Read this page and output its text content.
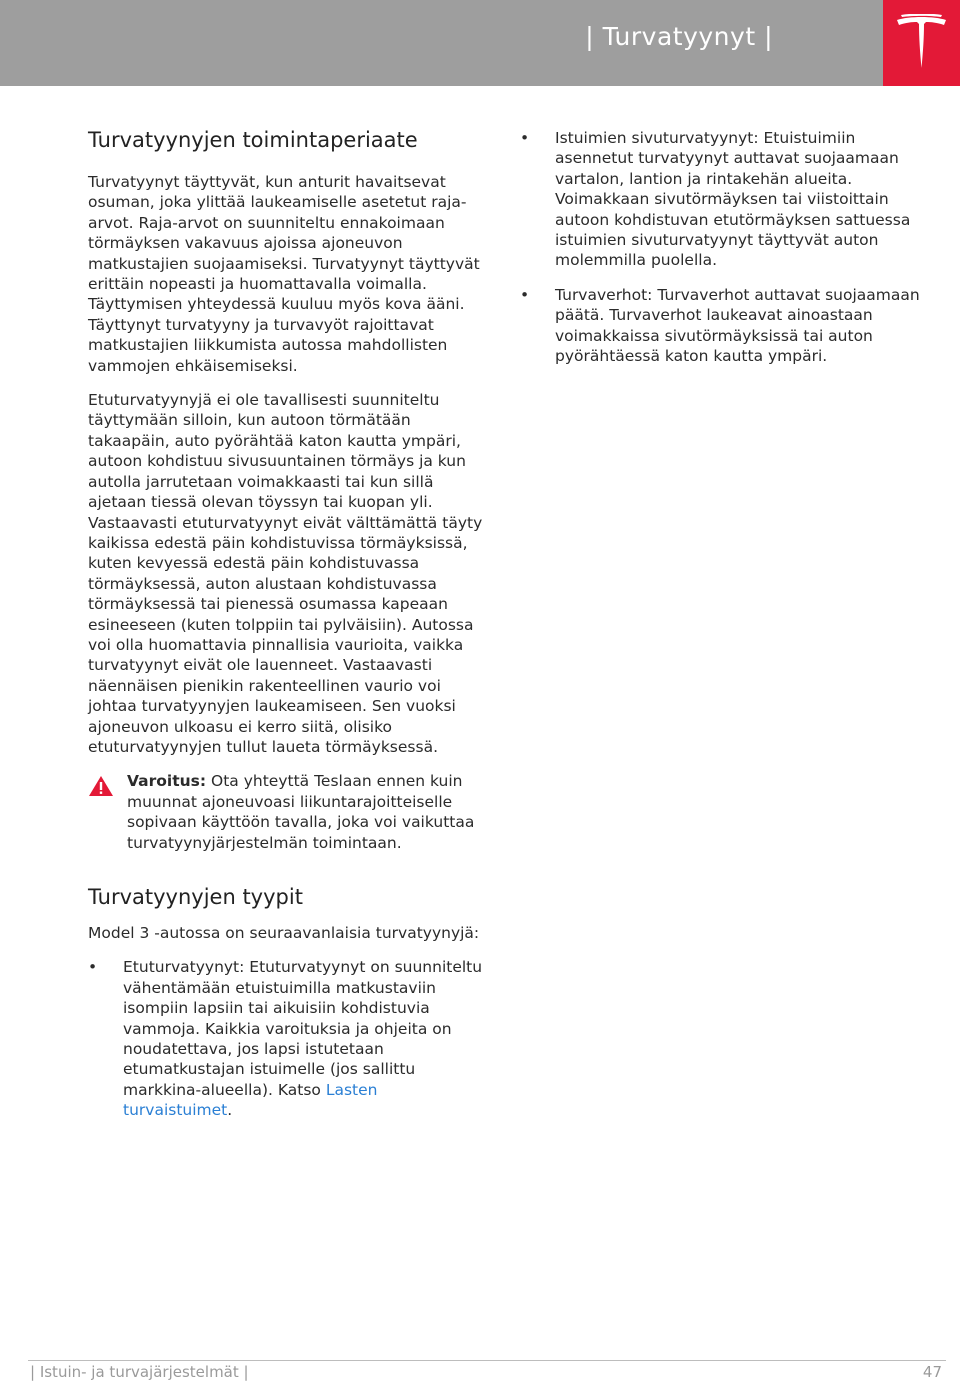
| Turvatyynyt |
Turvatyynyjen toimintaperiaate

Turvatyynyt täyttyvät, kun anturit havaitsevat osuman, joka ylittää laukeamiselle asetetut raja-arvot. Raja-arvot on suunniteltu ennakoimaan törmäyksen vakavuus ajoissa ajoneuvon matkustajien suojaamiseksi. Turvatyynyt täyttyvät erittäin nopeasti ja huomattavalla voimalla. Täyttymisen yhteydessä kuuluu myös kova ääni. Täyttynyt turvatyyny ja turvavyöt rajoittavat matkustajien liikkumista autossa mahdollisten vammojen ehkäisemiseksi.

Etuturvatyynyjä ei ole tavallisesti suunniteltu täyttymään silloin, kun autoon törmätään takaapäin, auto pyörähtää katon kautta ympäri, autoon kohdistuu sivusuuntainen törmäys ja kun autolla jarrutetaan voimakkaasti tai kun sillä ajetaan tiessä olevan töyssyn tai kuopan yli. Vastaavasti etuturvatyynyt eivät välttämättä täyty kaikissa edestä päin kohdistuvissa törmäyksissä, kuten kevyessä edestä päin kohdistuvassa törmäyksessä, auton alustaan kohdistuvassa törmäyksessä tai pienessä osumassa kapeaan esineeseen (kuten tolppiin tai pylväisiin). Autossa voi olla huomattavia pinnallisia vaurioita, vaikka turvatyynyt eivät ole lauenneet. Vastaavasti näennäisen pienikin rakenteellinen vaurio voi johtaa turvatyynyjen laukeamiseen. Sen vuoksi ajoneuvon ulkoasu ei kerro siitä, olisiko etuturvatyynyjen tullut laueta törmäyksessä.

Varoitus: Ota yhteyttä Teslaan ennen kuin muunnat ajoneuvoasi liikuntarajoitteiselle sopivaan käyttöön tavalla, joka voi vaikuttaa turvatyynyjärjestelmän toimintaan.
Turvatyynyjen tyypit

Model 3 -autossa on seuraavanlaisia turvatyynyjä:

• Etuturvatyynyt: Etuturvatyynyt on suunniteltu vähentämään etuistuimilla matkustaviin isompiin lapsiin tai aikuisiin kohdistuvia vammoja. Kaikkia varoituksia ja ohjeita on noudatettava, jos lapsi istutetaan etumatkustajan istuimelle (jos sallittu markkina-alueella). Katso Lasten turvaistuimet.
• Istuimien sivuturvatyynyt: Etuistuimiin asennetut turvatyynyt auttavat suojaamaan vartalon, lantion ja rintakehän alueita. Voimakkaan sivutörmäyksen tai viistoittain autoon kohdistuvan etutörmäyksen sattuessa istuimien sivuturvatyynyt täyttyvät auton molemmilla puolella.
• Turvaverhot: Turvaverhot auttavat suojaamaan päätä. Turvaverhot laukeavat ainoastaan voimakkaissa sivutörmäyksissä tai auton pyörähtäessä katon kautta ympäri.
| Istuin- ja turvajärjestelmät |	47
